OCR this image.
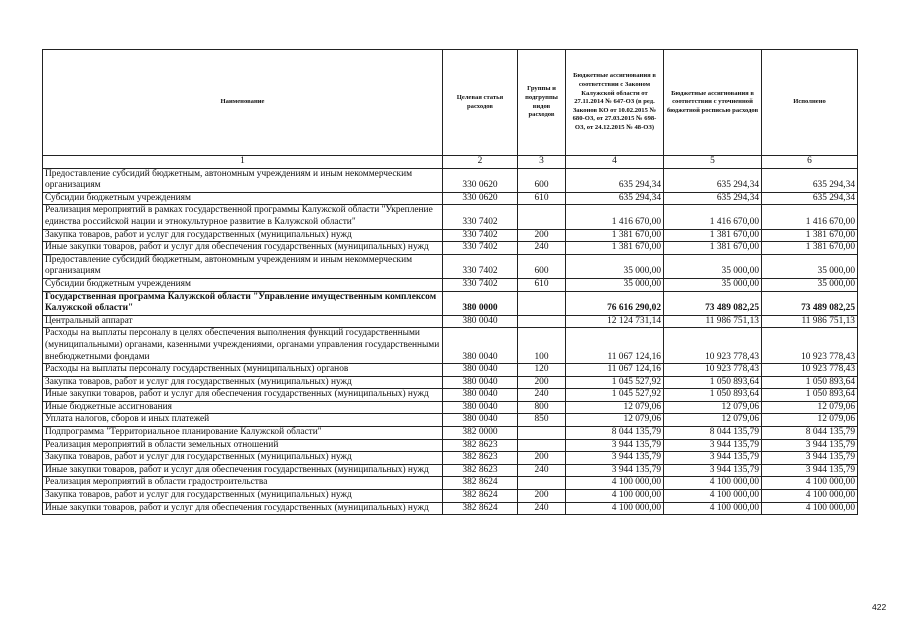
Наименование	Целевая статья расходов	Группы и подгруппы видов расходов	Бюджетные ассигнования в соответствии с Законом Калужской области от 27.11.2014 № 647-ОЗ (в ред. Законов КО от 10.02.2015 № 680-ОЗ, от 27.03.2015 № 698-ОЗ, от 24.12.2015 № 48-ОЗ)	Бюджетные ассигнования в соответствии с уточненной бюджетной росписью расходов	Исполнено
1	2	3	4	5	6
Предоставление субсидий бюджетным, автономным учреждениям и иным некоммерческим организациям	330 0620	600	635 294,34	635 294,34	635 294,34
Субсидии бюджетным учреждениям	330 0620	610	635 294,34	635 294,34	635 294,34
Реализация мероприятий в рамках государственной программы Калужской области "Укрепление единства российской нации и этнокультурное развитие в Калужской области"	330 7402		1 416 670,00	1 416 670,00	1 416 670,00
Закупка товаров, работ и услуг для государственных (муниципальных) нужд	330 7402	200	1 381 670,00	1 381 670,00	1 381 670,00
Иные закупки товаров, работ и услуг для обеспечения государственных (муниципальных) нужд	330 7402	240	1 381 670,00	1 381 670,00	1 381 670,00
Предоставление субсидий бюджетным, автономным учреждениям и иным некоммерческим организациям	330 7402	600	35 000,00	35 000,00	35 000,00
Субсидии бюджетным учреждениям	330 7402	610	35 000,00	35 000,00	35 000,00
Государственная программа Калужской области "Управление имущественным комплексом Калужской области"	380 0000		76 616 290,02	73 489 082,25	73 489 082,25
Центральный аппарат	380 0040		12 124 731,14	11 986 751,13	11 986 751,13
Расходы на выплаты персоналу в целях обеспечения выполнения функций государственными (муниципальными) органами, казенными учреждениями, органами управления государственными внебюджетными фондами	380 0040	100	11 067 124,16	10 923 778,43	10 923 778,43
Расходы на выплаты персоналу государственных (муниципальных) органов	380 0040	120	11 067 124,16	10 923 778,43	10 923 778,43
Закупка товаров, работ и услуг для государственных (муниципальных) нужд	380 0040	200	1 045 527,92	1 050 893,64	1 050 893,64
Иные закупки товаров, работ и услуг для обеспечения государственных (муниципальных) нужд	380 0040	240	1 045 527,92	1 050 893,64	1 050 893,64
Иные бюджетные ассигнования	380 0040	800	12 079,06	12 079,06	12 079,06
Уплата налогов, сборов и иных платежей	380 0040	850	12 079,06	12 079,06	12 079,06
Подпрограмма "Территориальное планирование Калужской области"	382 0000		8 044 135,79	8 044 135,79	8 044 135,79
Реализация мероприятий в области земельных отношений	382 8623		3 944 135,79	3 944 135,79	3 944 135,79
Закупка товаров, работ и услуг для государственных (муниципальных) нужд	382 8623	200	3 944 135,79	3 944 135,79	3 944 135,79
Иные закупки товаров, работ и услуг для обеспечения государственных (муниципальных) нужд	382 8623	240	3 944 135,79	3 944 135,79	3 944 135,79
Реализация мероприятий в области градостроительства	382 8624		4 100 000,00	4 100 000,00	4 100 000,00
Закупка товаров, работ и услуг для государственных (муниципальных) нужд	382 8624	200	4 100 000,00	4 100 000,00	4 100 000,00
Иные закупки товаров, работ и услуг для обеспечения государственных (муниципальных) нужд	382 8624	240	4 100 000,00	4 100 000,00	4 100 000,00
422
